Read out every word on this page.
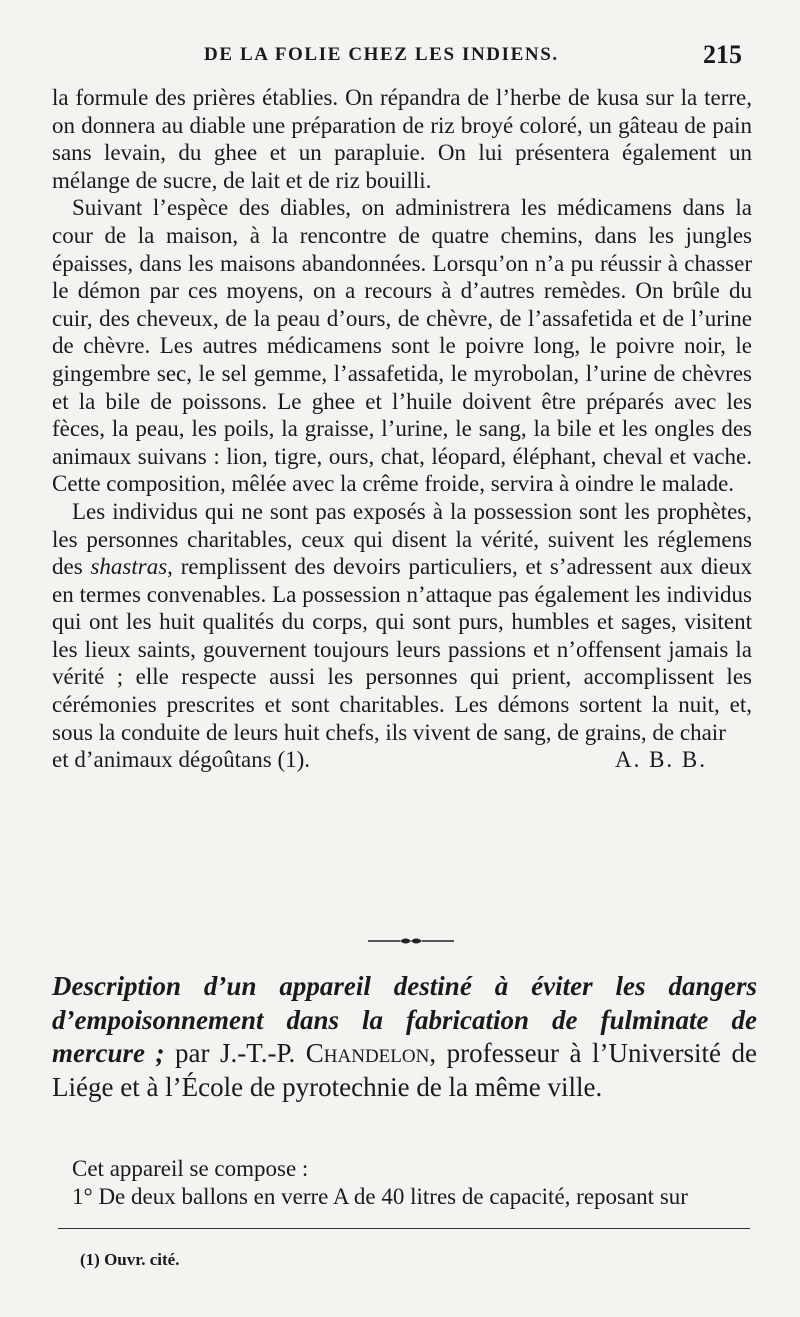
DE LA FOLIE CHEZ LES INDIENS.	215

la formule des prières établies. On répandra de l’herbe de kusa sur la terre, on donnera au diable une préparation de riz broyé coloré, un gâteau de pain sans levain, du ghee et un parapluie. On lui présentera également un mélange de sucre, de lait et de riz bouilli.

Suivant l’espèce des diables, on administrera les médicamens dans la cour de la maison, à la rencontre de quatre chemins, dans les jungles épaisses, dans les maisons abandonnées. Lorsqu’on n’a pu réussir à chasser le démon par ces moyens, on a recours à d’autres remèdes. On brûle du cuir, des cheveux, de la peau d’ours, de chèvre, de l’assafetida et de l’urine de chèvre. Les autres médicamens sont le poivre long, le poivre noir, le gingembre sec, le sel gemme, l’assafetida, le myrobolan, l’urine de chèvres et la bile de poissons. Le ghee et l’huile doivent être préparés avec les fèces, la peau, les poils, la graisse, l’urine, le sang, la bile et les ongles des animaux suivans : lion, tigre, ours, chat, léopard, éléphant, cheval et vache. Cette composition, mêlée avec la crême froide, servira à oindre le malade.

Les individus qui ne sont pas exposés à la possession sont les prophètes, les personnes charitables, ceux qui disent la vérité, suivent les réglemens des shastras, remplissent des devoirs particuliers, et s’adressent aux dieux en termes convenables. La possession n’attaque pas également les individus qui ont les huit qualités du corps, qui sont purs, humbles et sages, visitent les lieux saints, gouvernent toujours leurs passions et n’offensent jamais la vérité ; elle respecte aussi les personnes qui prient, accomplissent les cérémonies prescrites et sont charitables. Les démons sortent la nuit, et, sous la conduite de leurs huit chefs, ils vivent de sang, de grains, de chair

et d’animaux dégoûtans (1).	A. B. B.
Description d’un appareil destiné à éviter les dangers d’empoisonnement dans la fabrication de fulminate de mercure ; par J.-T.-P. Chandelon, professeur à l’Université de Liége et à l’École de pyrotechnie de la même ville.

Cet appareil se compose :

1° De deux ballons en verre A de 40 litres de capacité, reposant sur

(1) Ouvr. cité.
